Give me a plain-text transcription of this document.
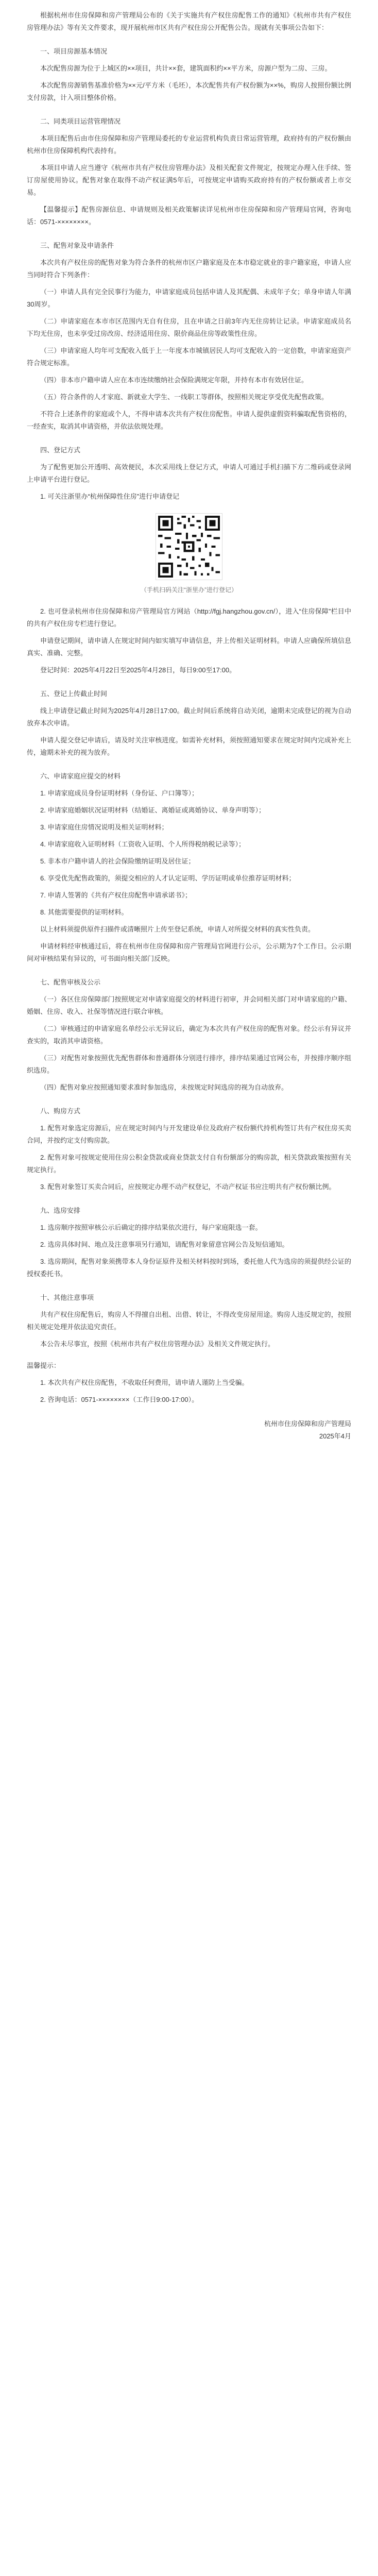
根据杭州市住房保障和房产管理局公布的《关于实施共有产权住房配售工作的通知》《杭州市共有产权住房管理办法》等有关文件要求，现开展杭州市区共有产权住房公开配售公告。现就有关事项公告如下：

一、项目房源基本情况

本次配售房源为位于上城区的××项目，共计××套，建筑面积约××平方米，房源户型为二房、三房。

本次配售房源销售基准价格为××元/平方米（毛坯），本次配售共有产权份额为××%，购房人按照份额比例支付房款，计入项目整体价格。

二、同类项目运营管理情况

本项目配售后由市住房保障和房产管理局委托的专业运营机构负责日常运营管理，政府持有的产权份额由杭州市住房保障机构代表持有。

本项目申请人应当遵守《杭州市共有产权住房管理办法》及相关配套文件规定，按规定办理入住手续、签订房屋使用协议。配售对象在取得不动产权证满5年后，可按规定申请购买政府持有的产权份额或者上市交易。

【温馨提示】配售房源信息、申请规则及相关政策解读详见杭州市住房保障和房产管理局官网，咨询电话：0571-××××××××。

三、配售对象及申请条件

本次共有产权住房的配售对象为符合条件的杭州市区户籍家庭及在本市稳定就业的非户籍家庭，申请人应当同时符合下列条件：

（一）申请人具有完全民事行为能力，申请家庭成员包括申请人及其配偶、未成年子女；单身申请人年满30周岁。

（二）申请家庭在本市市区范围内无自有住房，且在申请之日前3年内无住房转让记录。申请家庭成员名下均无住房，也未享受过房改房、经济适用住房、限价商品住房等政策性住房。

（三）申请家庭人均年可支配收入低于上一年度本市城镇居民人均可支配收入的一定倍数，申请家庭资产符合规定标准。

（四）非本市户籍申请人应在本市连续缴纳社会保险满规定年限，并持有本市有效居住证。

（五）符合条件的人才家庭、新就业大学生、一线职工等群体，按照相关规定享受优先配售政策。

不符合上述条件的家庭或个人，不得申请本次共有产权住房配售。申请人提供虚假资料骗取配售资格的，一经查实，取消其申请资格，并依法依规处理。

四、登记方式

为了配售更加公开透明、高效便民，本次采用线上登记方式，申请人可通过手机扫描下方二维码或登录网上申请平台进行登记。

1. 可关注浙里办“杭州保障性住房”进行申请登记

（手机扫码关注“浙里办”进行登记）

2. 也可登录杭州市住房保障和房产管理局官方网站（http://fgj.hangzhou.gov.cn/），进入“住房保障”栏目中的共有产权住房专栏进行登记。

申请登记期间，请申请人在规定时间内如实填写申请信息，并上传相关证明材料。申请人应确保所填信息真实、准确、完整。

登记时间：2025年4月22日至2025年4月28日，每日9:00至17:00。

五、登记上传截止时间

线上申请登记截止时间为2025年4月28日17:00。截止时间后系统将自动关闭，逾期未完成登记的视为自动放弃本次申请。

申请人提交登记申请后，请及时关注审核进度。如需补充材料，须按照通知要求在规定时间内完成补充上传，逾期未补充的视为放弃。

六、申请家庭应提交的材料

1. 申请家庭成员身份证明材料（身份证、户口簿等）；

2. 申请家庭婚姻状况证明材料（结婚证、离婚证或离婚协议、单身声明等）；

3. 申请家庭住房情况说明及相关证明材料；

4. 申请家庭收入证明材料（工资收入证明、个人所得税纳税记录等）；

5. 非本市户籍申请人的社会保险缴纳证明及居住证；

6. 享受优先配售政策的，须提交相应的人才认定证明、学历证明或单位推荐证明材料；

7. 申请人签署的《共有产权住房配售申请承诺书》；

8. 其他需要提供的证明材料。

以上材料须提供原件扫描件或清晰照片上传至登记系统，申请人对所提交材料的真实性负责。

申请材料经审核通过后，将在杭州市住房保障和房产管理局官网进行公示，公示期为7个工作日。公示期间对审核结果有异议的，可书面向相关部门反映。

七、配售审核及公示

（一）各区住房保障部门按照规定对申请家庭提交的材料进行初审，并会同相关部门对申请家庭的户籍、婚姻、住房、收入、社保等情况进行联合审核。

（二）审核通过的申请家庭名单经公示无异议后，确定为本次共有产权住房的配售对象。经公示有异议并查实的，取消其申请资格。

（三）对配售对象按照优先配售群体和普通群体分别进行排序，排序结果通过官网公布，并按排序顺序组织选房。

（四）配售对象应按照通知要求准时参加选房，未按规定时间选房的视为自动放弃。

八、购房方式

1. 配售对象选定房源后，应在规定时间内与开发建设单位及政府产权份额代持机构签订共有产权住房买卖合同，并按约定支付购房款。

2. 配售对象可按规定使用住房公积金贷款或商业贷款支付自有份额部分的购房款，相关贷款政策按照有关规定执行。

3. 配售对象签订买卖合同后，应按规定办理不动产权登记，不动产权证书应注明共有产权份额比例。

九、选房安排

1. 选房顺序按照审核公示后确定的排序结果依次进行，每户家庭限选一套。

2. 选房具体时间、地点及注意事项另行通知，请配售对象留意官网公告及短信通知。

3. 选房期间，配售对象须携带本人身份证原件及相关材料按时到场，委托他人代为选房的须提供经公证的授权委托书。

十、其他注意事项

共有产权住房配售后，购房人不得擅自出租、出借、转让，不得改变房屋用途。购房人违反规定的，按照相关规定处理并依法追究责任。

本公告未尽事宜，按照《杭州市共有产权住房管理办法》及相关文件规定执行。

温馨提示：

1. 本次共有产权住房配售，不收取任何费用，请申请人谨防上当受骗。

2. 咨询电话：0571-××××××××（工作日9:00-17:00）。

杭州市住房保障和房产管理局

2025年4月
